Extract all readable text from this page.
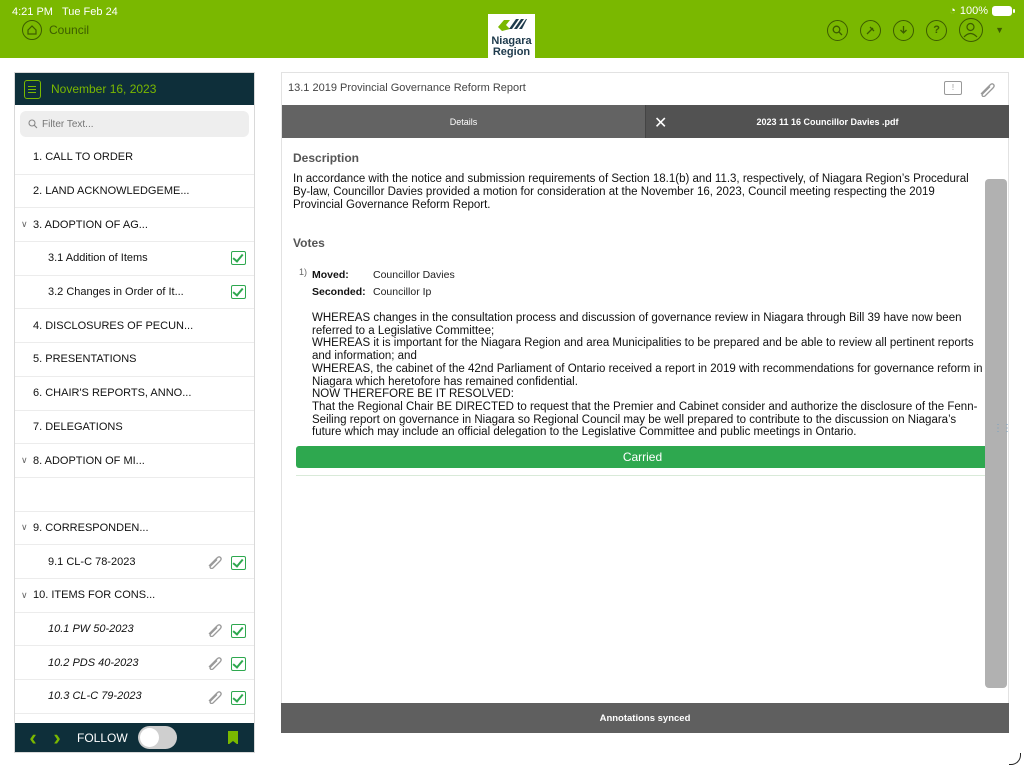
4:21 PM Tue Feb 24	◔ 100%
Council
Niagara
Region
?	▼
November 16, 2023
Filter Text...
1. CALL TO ORDER
2. LAND ACKNOWLEDGEME...
∨ 3. ADOPTION OF AG...
3.1 Addition of Items
3.2 Changes in Order of It...
4. DISCLOSURES OF PECUN...
5. PRESENTATIONS
6. CHAIR'S REPORTS, ANNO...
7. DELEGATIONS
∨ 8. ADOPTION OF MI...
∨ 9. CORRESPONDEN...
9.1 CL-C 78-2023
∨ 10. ITEMS FOR CONS...
10.1 PW 50-2023
10.2 PDS 40-2023
10.3 CL-C 79-2023
‹ ›	FOLLOW
13.1 2019 Provincial Governance Reform Report	!
Details	✕	2023 11 16 Councillor Davies .pdf
Description
In accordance with the notice and submission requirements of Section 18.1(b) and 11.3, respectively, of Niagara Region’s Procedural By-law, Councillor Davies provided a motion for consideration at the November 16, 2023, Council meeting respecting the 2019 Provincial Governance Reform Report.
Votes
1) Moved:	Councillor Davies
Seconded: Councillor Ip
WHEREAS changes in the consultation process and discussion of governance review in Niagara through Bill 39 have now been referred to a Legislative Committee;
WHEREAS it is important for the Niagara Region and area Municipalities to be prepared and be able to review all pertinent reports and information; and
WHEREAS, the cabinet of the 42nd Parliament of Ontario received a report in 2019 with recommendations for governance reform in Niagara which heretofore has remained confidential.
NOW THEREFORE BE IT RESOLVED:
That the Regional Chair BE DIRECTED to request that the Premier and Cabinet consider and authorize the disclosure of the Fenn-Seiling report on governance in Niagara so Regional Council may be well prepared to contribute to the discussion on Niagara’s future which may include an official delegation to the Legislative Committee and public meetings in Ontario.
Carried
⋮⋮
Annotations synced
